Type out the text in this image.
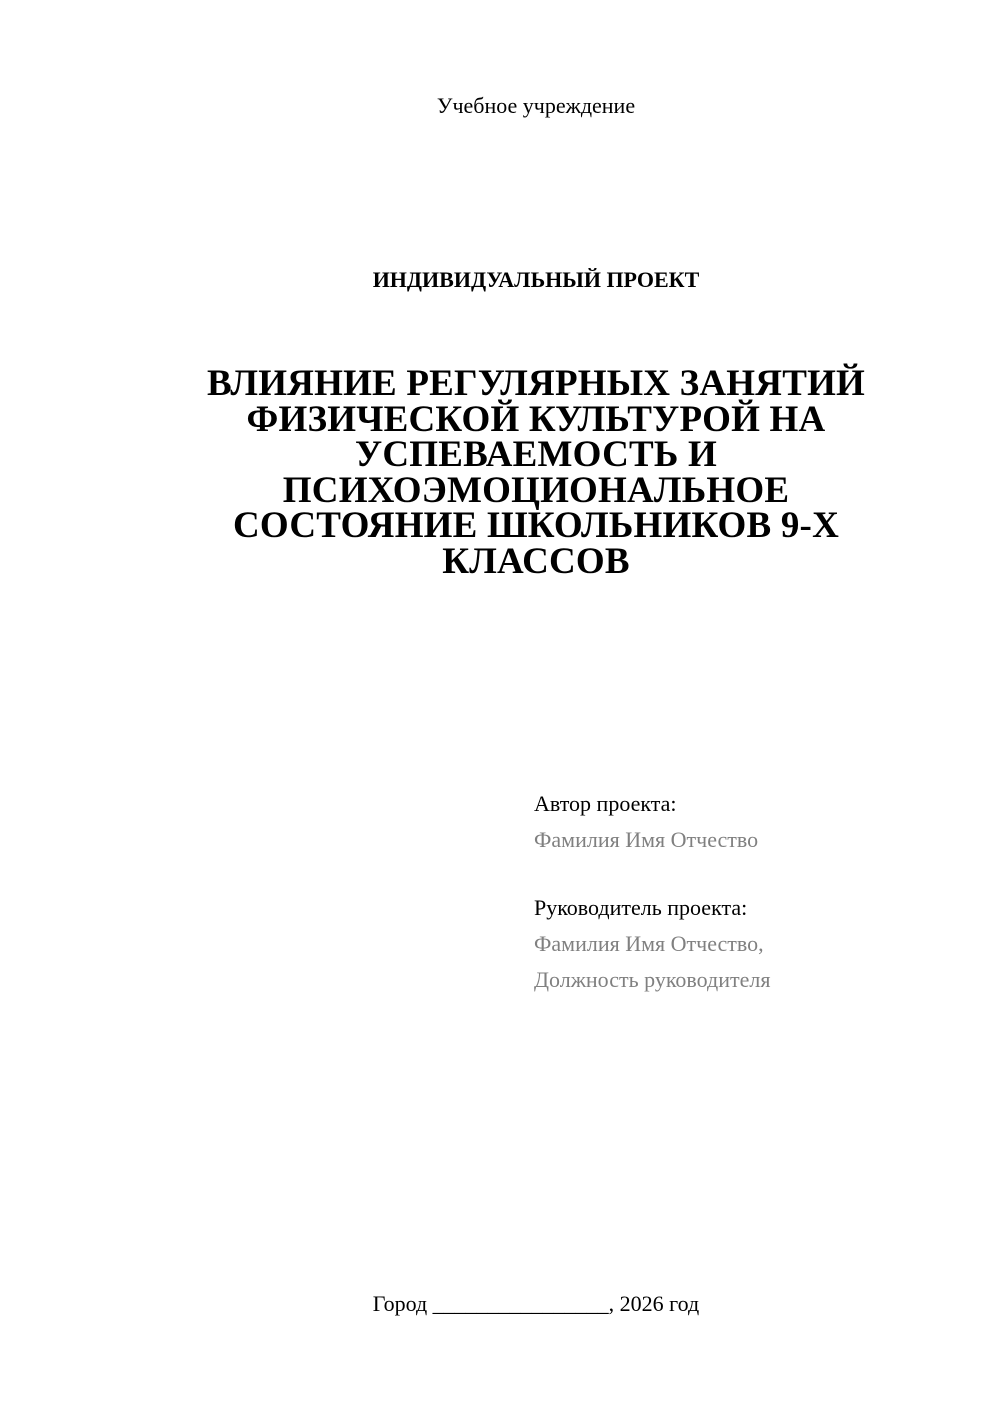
Учебное учреждение
ИНДИВИДУАЛЬНЫЙ ПРОЕКТ
ВЛИЯНИЕ РЕГУЛЯРНЫХ ЗАНЯТИЙ
ФИЗИЧЕСКОЙ КУЛЬТУРОЙ НА
УСПЕВАЕМОСТЬ И
ПСИХОЭМОЦИОНАЛЬНОЕ
СОСТОЯНИЕ ШКОЛЬНИКОВ 9-Х
КЛАССОВ
Автор проекта:
Фамилия Имя Отчество
Руководитель проекта:
Фамилия Имя Отчество,
Должность руководителя
Город ________________, 2026 год
